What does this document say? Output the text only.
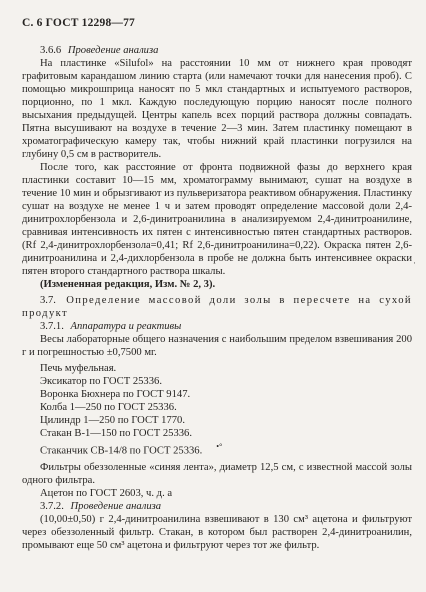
С. 6 ГОСТ 12298—77

3.6.6 Проведение анализа

На пластинке «Silufol» на расстоянии 10 мм от нижнего края проводят графитовым карандашом линию старта (или намечают точки для нанесения проб). С помощью микрошприца наносят по 5 мкл стандартных и испытуемого растворов, порционно, по 1 мкл. Каждую последующую порцию наносят после полного высыхания предыдущей. Центры капель всех порций раствора должны совпадать. Пятна высушивают на воздухе в течение 2—3 мин. Затем пластинку помещают в хроматографическую камеру так, чтобы нижний край пластинки погрузился на глубину 0,5 см в растворитель.

После того, как расстояние от фронта подвижной фазы до верхнего края пластинки составит 10—15 мм, хроматограмму вынимают, сушат на воздухе в течение 10 мин и обрызгивают из пульверизатора реактивом обнаружения. Пластинку сушат на воздухе не менее 1 ч и затем проводят определение массовой доли 2,4-динитрохлорбензола и 2,6-динитроанилина в анализируемом 2,4-динитроанилине, сравнивая интенсивность их пятен с интенсивностью пятен стандартных растворов. (Rf 2,4-динитрохлорбензола=0,41; Rf 2,6-динитроанилина=0,22). Окраска пятен 2,6-динитроанилина и 2,4-дихлорбензола в пробе не должна быть интенсивнее окраски пятен второго стандартного раствора шкалы.

(Измененная редакция, Изм. № 2, 3).

3.7. Определение массовой доли золы в пересчете на сухой продукт

3.7.1. Аппаратура и реактивы

Весы лабораторные общего назначения с наибольшим пределом взвешивания 200 г и погрешностью ±0,7500 мг.

Печь муфельная.
Эксикатор по ГОСТ 25336.
Воронка Бюхнера по ГОСТ 9147.
Колба 1—250 по ГОСТ 25336.
Цилиндр 1—250 по ГОСТ 1770.
Стакан В-1—150 по ГОСТ 25336.
Стаканчик СВ-14/8 по ГОСТ 25336. •°

Фильтры обеззоленные «синяя лента», диаметр 12,5 см, с известной массой золы одного фильтра.

Ацетон по ГОСТ 2603, ч. д. а

3.7.2. Проведение анализа

(10,00±0,50) г 2,4-динитроанилина взвешивают в 130 см³ ацетона и фильтруют через обеззоленный фильтр. Стакан, в котором был растворен 2,4-динитроанилин, промывают еще 50 см³ ацетона и фильтруют через тот же фильтр.

·
